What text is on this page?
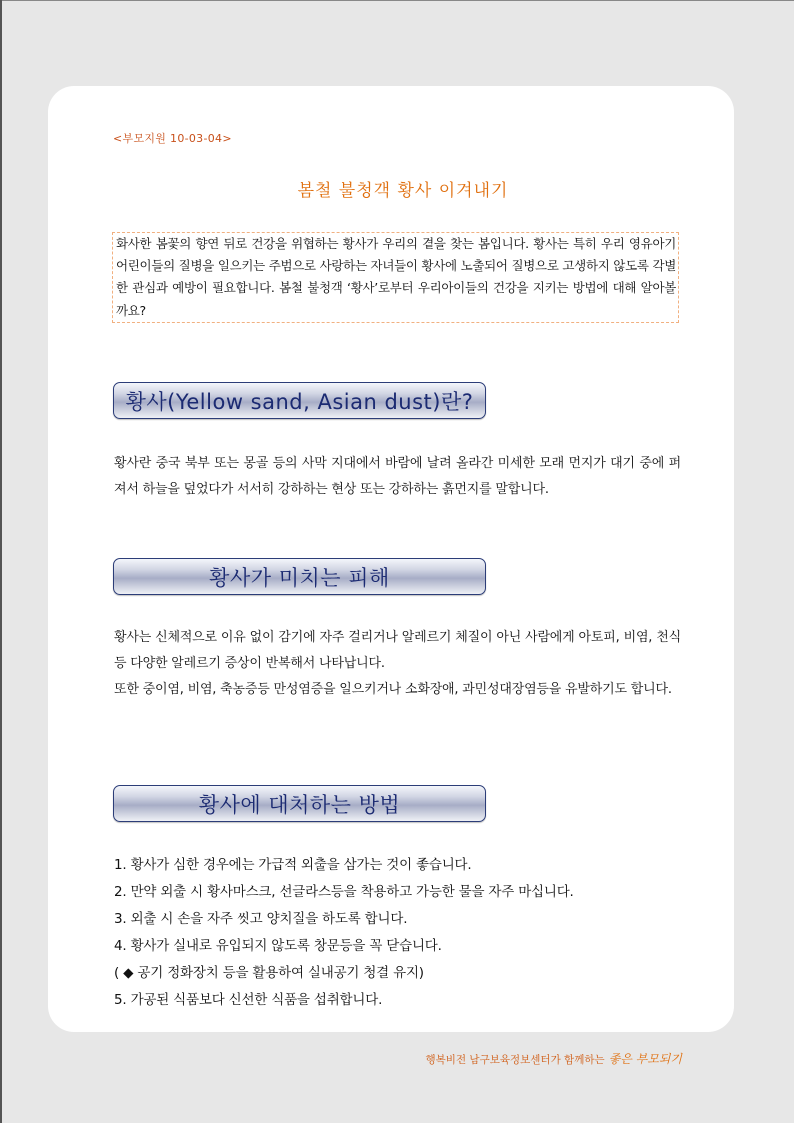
<부모지원 10-03-04>
봄철 불청객 황사 이겨내기

화사한 봄꽃의 향연 뒤로 건강을 위협하는 황사가 우리의 곁을 찾는 봄입니다. 황사는 특히 우리 영유아기 어린이들의 질병을 일으키는 주범으로 사랑하는 자녀들이 황사에 노출되어 질병으로 고생하지 않도록 각별한 관심과 예방이 필요합니다. 봄철 불청객 ‘황사’로부터 우리아이들의 건강을 지키는 방법에 대해 알아볼까요?

황사(Yellow sand, Asian dust)란?

황사란 중국 북부 또는 몽골 등의 사막 지대에서 바람에 날려 올라간 미세한 모래 먼지가 대기 중에 퍼져서 하늘을 덮었다가 서서히 강하하는 현상 또는 강하하는 흙먼지를 말합니다.

황사가 미치는 피해

황사는 신체적으로 이유 없이 감기에 자주 걸리거나 알레르기 체질이 아닌 사람에게 아토피, 비염, 천식등 다양한 알레르기 증상이 반복해서 나타납니다.

또한 중이염, 비염, 축농증등 만성염증을 일으키거나 소화장애, 과민성대장염등을 유발하기도 합니다.

황사에 대처하는 방법
1. 황사가 심한 경우에는 가급적 외출을 삼가는 것이 좋습니다.
2. 만약 외출 시 황사마스크, 선글라스등을 착용하고 가능한 물을 자주 마십니다.
3. 외출 시 손을 자주 씻고 양치질을 하도록 합니다.
4. 황사가 실내로 유입되지 않도록 창문등을 꼭 닫습니다.
( ◆ 공기 정화장치 등을 활용하여 실내공기 청결 유지)
5. 가공된 식품보다 신선한 식품을 섭취합니다.
행복비전 남구보육정보센터가 함께하는 좋은 부모되기
